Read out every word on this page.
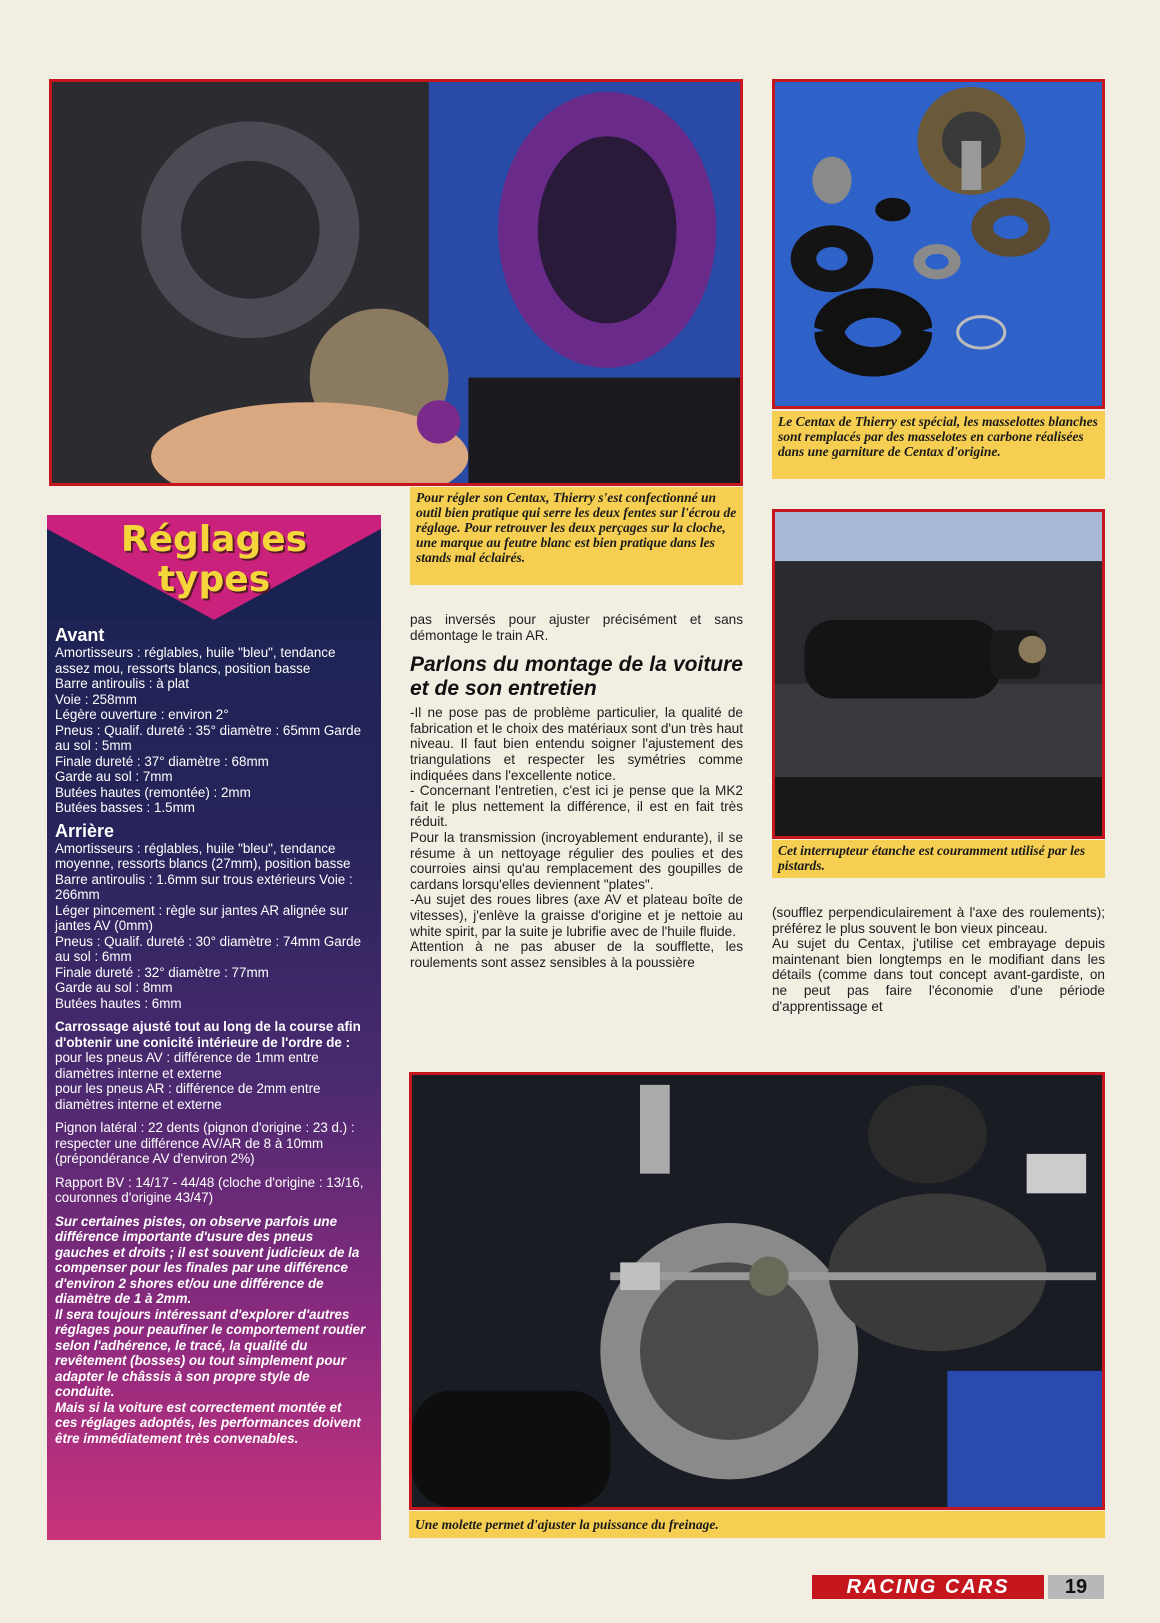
Pour régler son Centax, Thierry s'est confectionné un outil bien pratique qui serre les deux fentes sur l'écrou de réglage. Pour retrouver les deux perçages sur la cloche, une marque au feutre blanc est bien pratique dans les stands mal éclairés.
Le Centax de Thierry est spécial, les masselottes blanches sont remplacés par des masselotes en carbone réalisées dans une garniture de Centax d'origine.
Cet interrupteur étanche est couramment utilisé par les pistards.
Une molette permet d'ajuster la puissance du freinage.
Réglages
types
Avant

Amortisseurs : réglables, huile "bleu", tendance assez mou, ressorts blancs, position basse

Barre antiroulis : à plat

Voie : 258mm

Légère ouverture : environ 2°

Pneus : Qualif. dureté : 35° diamètre : 65mm Garde au sol : 5mm

Finale dureté : 37° diamètre : 68mm

Garde au sol : 7mm

Butées hautes (remontée) : 2mm

Butées basses : 1.5mm

Arrière

Amortisseurs : réglables, huile "bleu", tendance moyenne, ressorts blancs (27mm), position basse

Barre antiroulis : 1.6mm sur trous extérieurs Voie : 266mm

Léger pincement : règle sur jantes AR alignée sur jantes AV (0mm)

Pneus : Qualif. dureté : 30° diamètre : 74mm Garde au sol : 6mm

Finale dureté : 32° diamètre : 77mm

Garde au sol : 8mm

Butées hautes : 6mm

Carrossage ajusté tout au long de la course afin d'obtenir une conicité intérieure de l'ordre de :

pour les pneus AV : différence de 1mm entre diamètres interne et externe

pour les pneus AR : différence de 2mm entre diamètres interne et externe

Pignon latéral : 22 dents (pignon d'origine : 23 d.) : respecter une différence AV/AR de 8 à 10mm (prépondérance AV d'environ 2%)

Rapport BV : 14/17 - 44/48 (cloche d'origine : 13/16, couronnes d'origine 43/47)

Sur certaines pistes, on observe parfois une différence importante d'usure des pneus gauches et droits ; il est souvent judicieux de la compenser pour les finales par une différence d'environ 2 shores et/ou une différence de diamètre de 1 à 2mm.

Il sera toujours intéressant d'explorer d'autres réglages pour peaufiner le comportement routier selon l'adhérence, le tracé, la qualité du revêtement (bosses) ou tout simplement pour adapter le châssis à son propre style de conduite.

Mais si la voiture est correctement montée et ces réglages adoptés, les performances doivent être immédiatement très convenables.

pas inversés pour ajuster précisément et sans démontage le train AR.

Parlons du montage de la voiture et de son entretien

-Il ne pose pas de problème particulier, la qualité de fabrication et le choix des matériaux sont d'un très haut niveau. Il faut bien entendu soigner l'ajustement des triangulations et respecter les symétries comme indiquées dans l'excellente notice.

- Concernant l'entretien, c'est ici je pense que la MK2 fait le plus nettement la différence, il est en fait très réduit.

Pour la transmission (incroyablement endurante), il se résume à un nettoyage régulier des poulies et des courroies ainsi qu'au remplacement des goupilles de cardans lorsqu'elles deviennent "plates".

-Au sujet des roues libres (axe AV et plateau boîte de vitesses), j'enlève la graisse d'origine et je nettoie au white spirit, par la suite je lubrifie avec de l'huile fluide.

Attention à ne pas abuser de la soufflette, les roulements sont assez sensibles à la poussière

(soufflez perpendiculairement à l'axe des roulements); préférez le plus souvent le bon vieux pinceau.

Au sujet du Centax, j'utilise cet embrayage depuis maintenant bien longtemps en le modifiant dans les détails (comme dans tout concept avant-gardiste, on ne peut pas faire l'économie d'une période d'apprentissage et

RACING CARS	19
